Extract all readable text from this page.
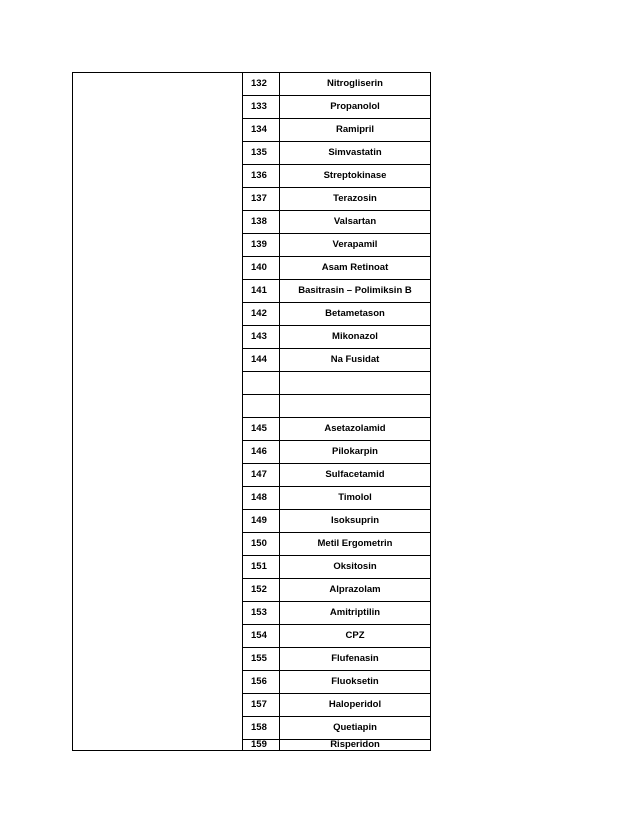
	132	Nitrogliserin
	133	Propanolol
	134	Ramipril
	135	Simvastatin
	136	Streptokinase
	137	Terazosin
	138	Valsartan
	139	Verapamil
	140	Asam Retinoat
	141	Basitrasin – Polimiksin B
	142	Betametason
	143	Mikonazol
	144	Na Fusidat

	145	Asetazolamid
	146	Pilokarpin
	147	Sulfacetamid
	148	Timolol
	149	Isoksuprin
	150	Metil Ergometrin
	151	Oksitosin
	152	Alprazolam
	153	Amitriptilin
	154	CPZ
	155	Flufenasin
	156	Fluoksetin
	157	Haloperidol
	158	Quetiapin
	159	Risperidon
